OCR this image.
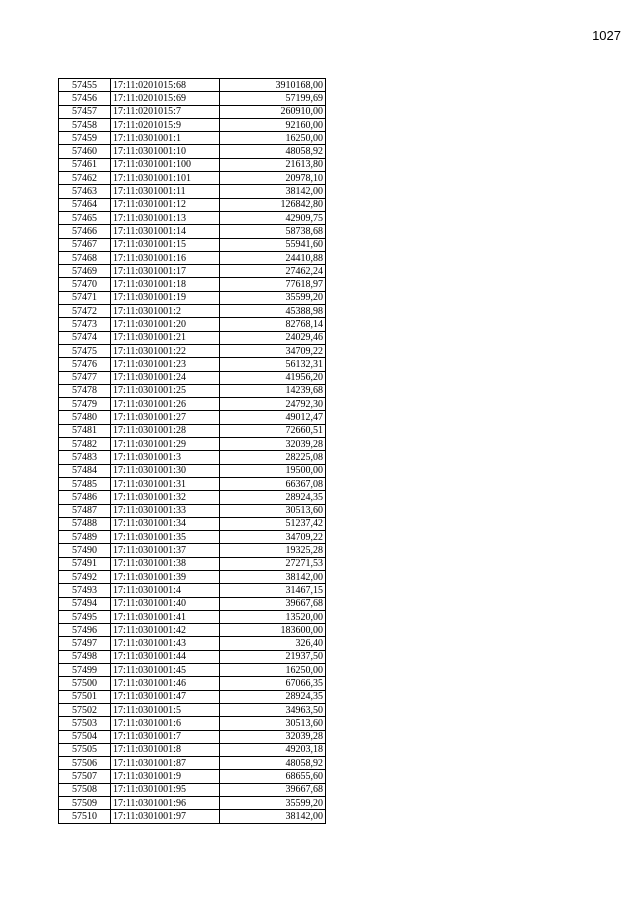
1027
57455	17:11:0201015:68	3910168,00
57456	17:11:0201015:69	57199,69
57457	17:11:0201015:7	260910,00
57458	17:11:0201015:9	92160,00
57459	17:11:0301001:1	16250,00
57460	17:11:0301001:10	48058,92
57461	17:11:0301001:100	21613,80
57462	17:11:0301001:101	20978,10
57463	17:11:0301001:11	38142,00
57464	17:11:0301001:12	126842,80
57465	17:11:0301001:13	42909,75
57466	17:11:0301001:14	58738,68
57467	17:11:0301001:15	55941,60
57468	17:11:0301001:16	24410,88
57469	17:11:0301001:17	27462,24
57470	17:11:0301001:18	77618,97
57471	17:11:0301001:19	35599,20
57472	17:11:0301001:2	45388,98
57473	17:11:0301001:20	82768,14
57474	17:11:0301001:21	24029,46
57475	17:11:0301001:22	34709,22
57476	17:11:0301001:23	56132,31
57477	17:11:0301001:24	41956,20
57478	17:11:0301001:25	14239,68
57479	17:11:0301001:26	24792,30
57480	17:11:0301001:27	49012,47
57481	17:11:0301001:28	72660,51
57482	17:11:0301001:29	32039,28
57483	17:11:0301001:3	28225,08
57484	17:11:0301001:30	19500,00
57485	17:11:0301001:31	66367,08
57486	17:11:0301001:32	28924,35
57487	17:11:0301001:33	30513,60
57488	17:11:0301001:34	51237,42
57489	17:11:0301001:35	34709,22
57490	17:11:0301001:37	19325,28
57491	17:11:0301001:38	27271,53
57492	17:11:0301001:39	38142,00
57493	17:11:0301001:4	31467,15
57494	17:11:0301001:40	39667,68
57495	17:11:0301001:41	13520,00
57496	17:11:0301001:42	183600,00
57497	17:11:0301001:43	326,40
57498	17:11:0301001:44	21937,50
57499	17:11:0301001:45	16250,00
57500	17:11:0301001:46	67066,35
57501	17:11:0301001:47	28924,35
57502	17:11:0301001:5	34963,50
57503	17:11:0301001:6	30513,60
57504	17:11:0301001:7	32039,28
57505	17:11:0301001:8	49203,18
57506	17:11:0301001:87	48058,92
57507	17:11:0301001:9	68655,60
57508	17:11:0301001:95	39667,68
57509	17:11:0301001:96	35599,20
57510	17:11:0301001:97	38142,00
